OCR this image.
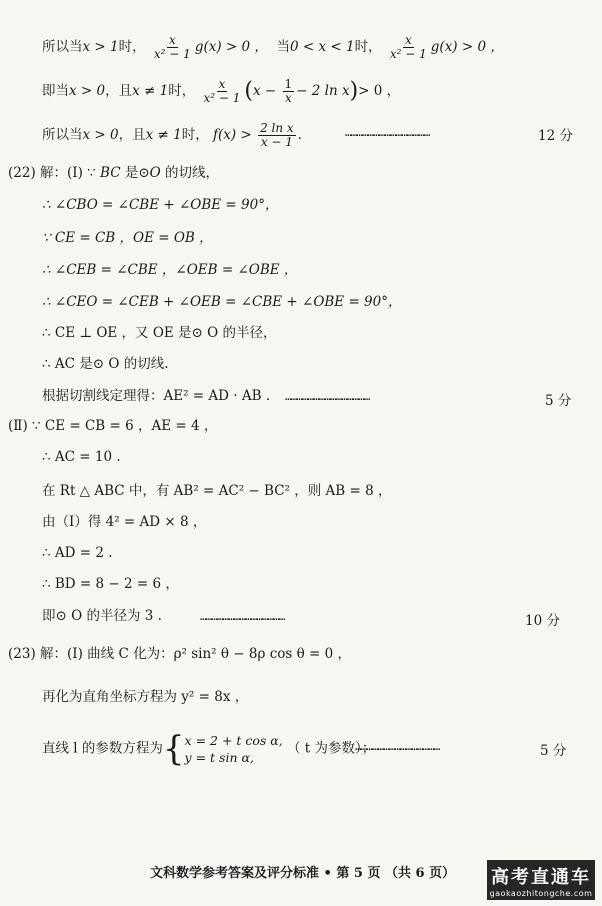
所以当x > 1时， $\frac{x}{\text{x² − 1}} g(x) > 0$ ， 当0 < x < 1时， $\frac{x}{\text{x² − 1}} g(x) > 0$ ，
即当x > 0，且x ≠ 1时， $\frac{x}{\text{x² − 1}} (x - \frac{1}{x} - 2$ ln x)> 0 ，
所以当x > 0，且x ≠ 1时， $f(x) > \frac{\text{2 ln x}}{x - 1}$ .	………………………………………	12 分
(22) 解：(Ⅰ) ∵ BC 是⊙O 的切线，
∴ ∠CBO = ∠CBE + ∠OBE = 90°，
∵ CE = CB ，OE = OB ，
∴ ∠CEB = ∠CBE ，∠OEB = ∠OBE ，
∴ ∠CEO = ∠CEB + ∠OEB = ∠CBE + ∠OBE = 90°，
∴ CE ⊥ OE ，又 OE 是⊙ O 的半径，
∴ AC 是⊙ O 的切线.
根据切割线定理得：AE² = AD · AB . ………………………………………	5 分
(Ⅱ) ∵ CE = CB = 6 ，AE = 4 ，
∴ AC = 10 .
在 Rt △ ABC 中，有 AB² = AC² − BC² ，则 AB = 8 ，
由（Ⅰ）得 4² = AD × 8 ，
∴ AD = 2 .
∴ BD = 8 − 2 = 6 ，
即⊙ O 的半径为 3 .	………………………………………	10 分
(23) 解：(Ⅰ) 曲线 C 化为：ρ² sin² θ − 8ρ cos θ = 0 ，
再化为直角坐标方程为 y² = 8x ，
直线 l 的参数方程为{ x = 2 + t cos α,
y = t sin α,
（ t 为参数）；
………………………………………	5 分
文科数学参考答案及评分标准 • 第 5 页 （共 6 页） 高考直通车
gaokaozhitongche.com
